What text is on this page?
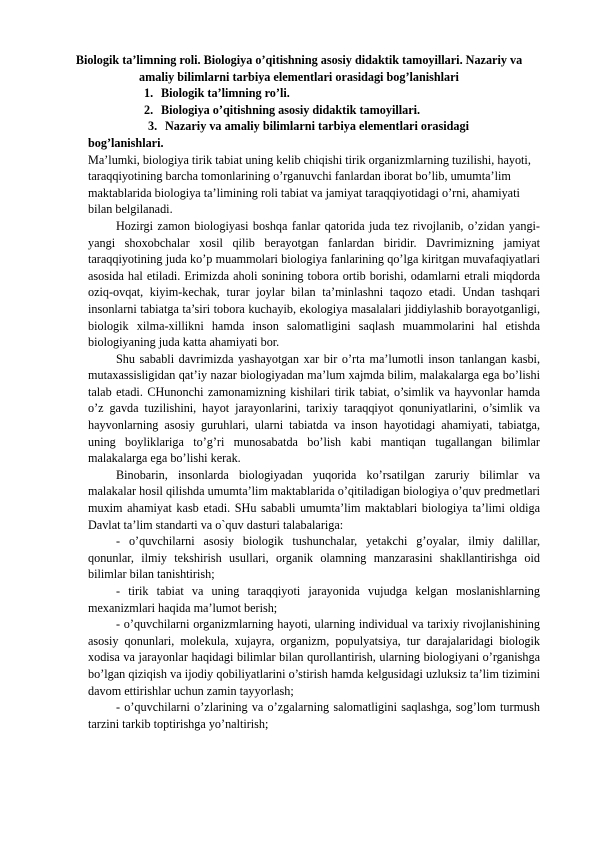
Biologik ta’limning roli. Biologiya o’qitishning asosiy didaktik tamoyillari. Nazariy va amaliy bilimlarni tarbiya elementlari orasidagi bog’lanishlari
1. Biologik ta’limning ro’li.
2. Biologiya o’qitishning asosiy didaktik tamoyillari.
3. Nazariy va amaliy bilimlarni tarbiya elementlari orasidagi
bog’lanishlari.

Ma’lumki, biologiya tirik tabiat uning kelib chiqishi tirik organizmlarning tuzilishi, hayoti, taraqqiyotining barcha tomonlarining o’rganuvchi fanlardan iborat bo’lib, umumta’lim maktablarida biologiya ta’limining roli tabiat va jamiyat taraqqiyotidagi o’rni, ahamiyati bilan belgilanadi.

Hozirgi zamon biologiyasi boshqa fanlar qatorida juda tez rivojlanib, o’zidan yangi-yangi shoxobchalar xosil qilib berayotgan fanlardan biridir. Davrimizning jamiyat taraqqiyotining juda ko’p muammolari biologiya fanlarining qo’lga kiritgan muvafaqiyatlari asosida hal etiladi. Erimizda aholi sonining tobora ortib borishi, odamlarni etrali miqdorda oziq-ovqat, kiyim-kechak, turar joylar bilan ta’minlashni taqozo etadi. Undan tashqari insonlarni tabiatga ta’siri tobora kuchayib, ekologiya masalalari jiddiylashib borayotganligi, biologik xilma-xillikni hamda inson salomatligini saqlash muammolarini hal etishda biologiyaning juda katta ahamiyati bor.

Shu sababli davrimizda yashayotgan xar bir o’rta ma’lumotli inson tanlangan kasbi, mutaxassisligidan qat’iy nazar biologiyadan ma’lum xajmda bilim, malakalarga ega bo’lishi talab etadi. CHunonchi zamonamizning kishilari tirik tabiat, o’simlik va hayvonlar hamda o’z gavda tuzilishini, hayot jarayonlarini, tarixiy taraqqiyot qonuniyatlarini, o’simlik va hayvonlarning asosiy guruhlari, ularni tabiatda va inson hayotidagi ahamiyati, tabiatga, uning boyliklariga to’g’ri munosabatda bo’lish kabi mantiqan tugallangan bilimlar malakalarga ega bo’lishi kerak.

Binobarin, insonlarda biologiyadan yuqorida ko’rsatilgan zaruriy bilimlar va malakalar hosil qilishda umumta’lim maktablarida o’qitiladigan biologiya o’quv predmetlari muxim ahamiyat kasb etadi. SHu sababli umumta’lim maktablari biologiya ta’limi oldiga Davlat ta’lim standarti va o`quv dasturi talabalariga:

- o’quvchilarni asosiy biologik tushunchalar, yetakchi g’oyalar, ilmiy dalillar, qonunlar, ilmiy tekshirish usullari, organik olamning manzarasini shakllantirishga oid bilimlar bilan tanishtirish;

- tirik tabiat va uning taraqqiyoti jarayonida vujudga kelgan moslanishlarning mexanizmlari haqida ma’lumot berish;

- o’quvchilarni organizmlarning hayoti, ularning individual va tarixiy rivojlanishining asosiy qonunlari, molekula, xujayra, organizm, populyatsiya, tur darajalaridagi biologik xodisa va jarayonlar haqidagi bilimlar bilan qurollantirish, ularning biologiyani o’rganishga bo’lgan qiziqish va ijodiy qobiliyatlarini o’stirish hamda kelgusidagi uzluksiz ta’lim tizimini davom ettirishlar uchun zamin tayyorlash;

- o’quvchilarni o’zlarining va o’zgalarning salomatligini saqlashga, sog’lom turmush tarzini tarkib toptirishga yo’naltirish;
